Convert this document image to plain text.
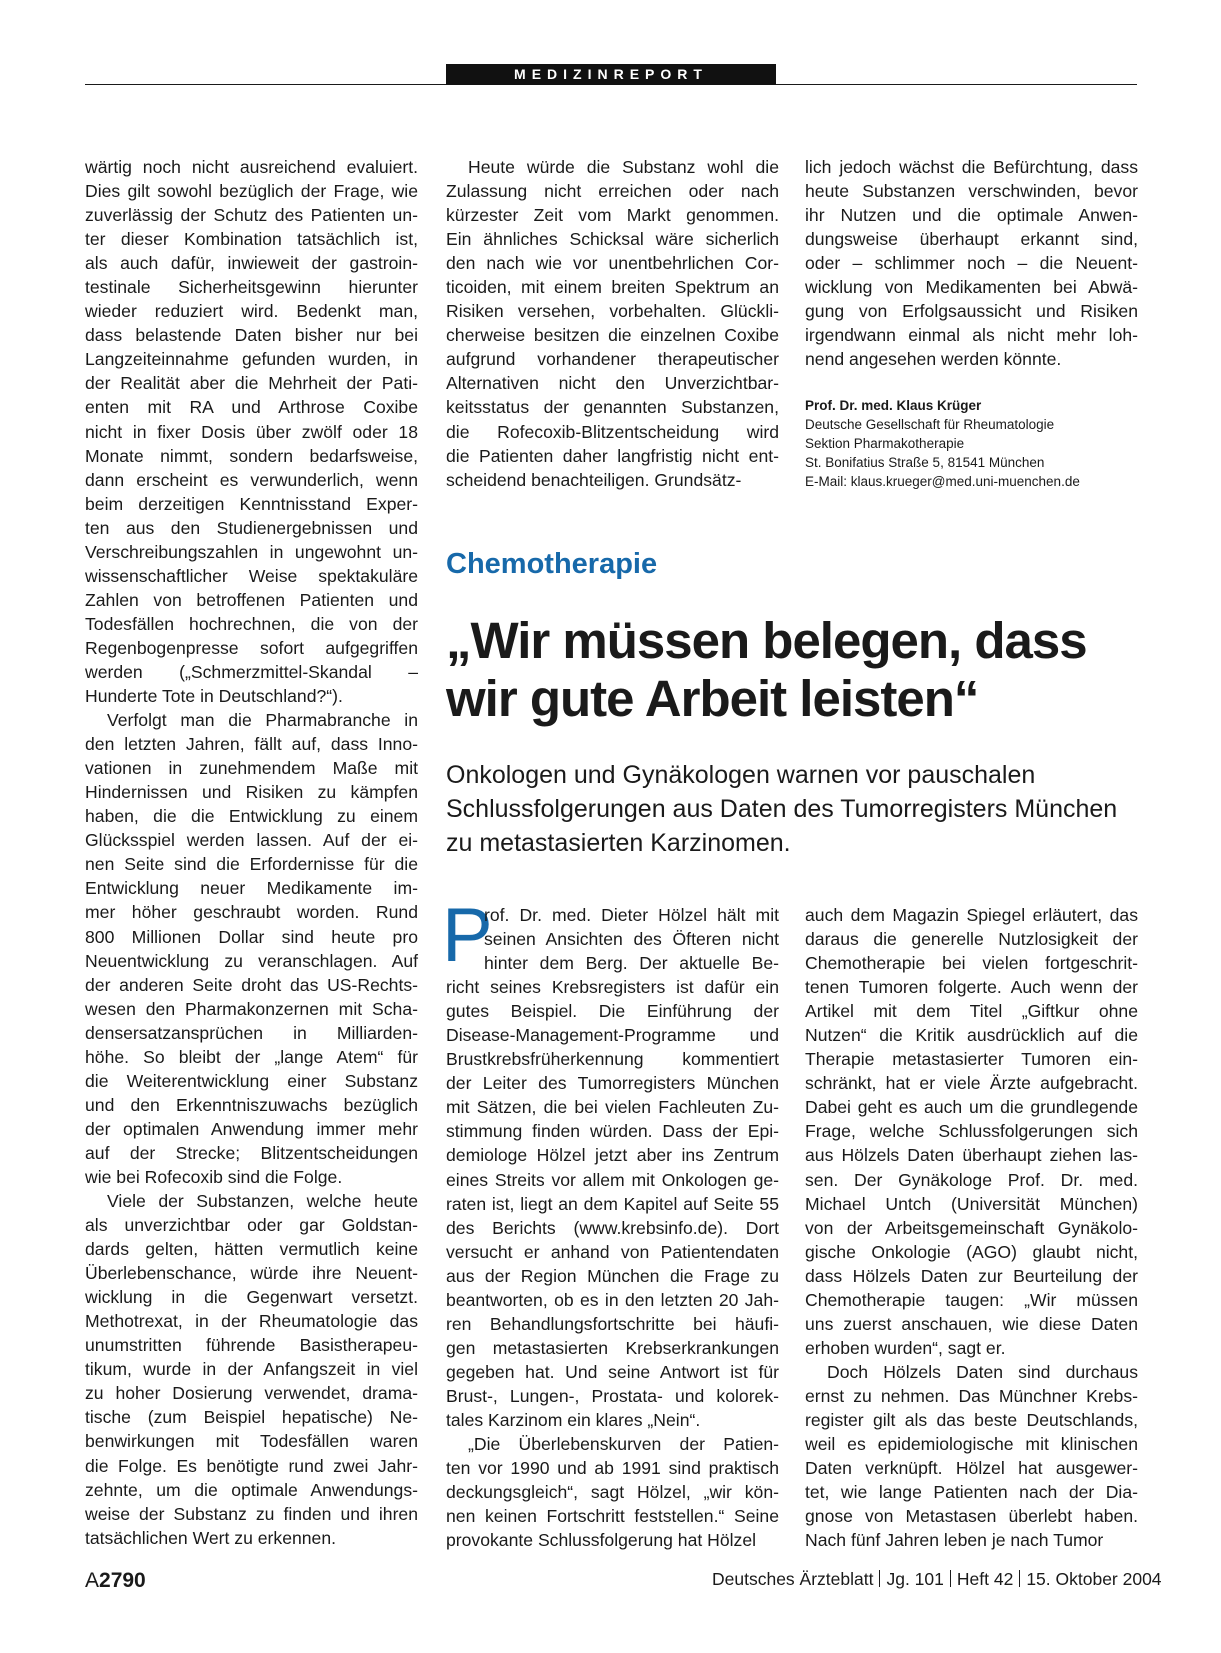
MEDIZINREPORT
wärtig noch nicht ausreichend evaluiert.
Dies gilt sowohl bezüglich der Frage, wie
zuverlässig der Schutz des Patienten un-
ter dieser Kombination tatsächlich ist,
als auch dafür, inwieweit der gastroin-
testinale Sicherheitsgewinn hierunter
wieder reduziert wird. Bedenkt man,
dass belastende Daten bisher nur bei
Langzeiteinnahme gefunden wurden, in
der Realität aber die Mehrheit der Pati-
enten mit RA und Arthrose Coxibe
nicht in fixer Dosis über zwölf oder 18
Monate nimmt, sondern bedarfsweise,
dann erscheint es verwunderlich, wenn
beim derzeitigen Kenntnisstand Exper-
ten aus den Studienergebnissen und
Verschreibungszahlen in ungewohnt un-
wissenschaftlicher Weise spektakuläre
Zahlen von betroffenen Patienten und
Todesfällen hochrechnen, die von der
Regenbogenpresse sofort aufgegriffen
werden („Schmerzmittel-Skandal –
Hunderte Tote in Deutschland?“).
Verfolgt man die Pharmabranche in
den letzten Jahren, fällt auf, dass Inno-
vationen in zunehmendem Maße mit
Hindernissen und Risiken zu kämpfen
haben, die die Entwicklung zu einem
Glücksspiel werden lassen. Auf der ei-
nen Seite sind die Erfordernisse für die
Entwicklung neuer Medikamente im-
mer höher geschraubt worden. Rund
800 Millionen Dollar sind heute pro
Neuentwicklung zu veranschlagen. Auf
der anderen Seite droht das US-Rechts-
wesen den Pharmakonzernen mit Scha-
densersatzansprüchen in Milliarden-
höhe. So bleibt der „lange Atem“ für
die Weiterentwicklung einer Substanz
und den Erkenntniszuwachs bezüglich
der optimalen Anwendung immer mehr
auf der Strecke; Blitzentscheidungen
wie bei Rofecoxib sind die Folge.
Viele der Substanzen, welche heute
als unverzichtbar oder gar Goldstan-
dards gelten, hätten vermutlich keine
Überlebenschance, würde ihre Neuent-
wicklung in die Gegenwart versetzt.
Methotrexat, in der Rheumatologie das
unumstritten führende Basistherapeu-
tikum, wurde in der Anfangszeit in viel
zu hoher Dosierung verwendet, drama-
tische (zum Beispiel hepatische) Ne-
benwirkungen mit Todesfällen waren
die Folge. Es benötigte rund zwei Jahr-
zehnte, um die optimale Anwendungs-
weise der Substanz zu finden und ihren
tatsächlichen Wert zu erkennen.
Heute würde die Substanz wohl die
Zulassung nicht erreichen oder nach
kürzester Zeit vom Markt genommen.
Ein ähnliches Schicksal wäre sicherlich
den nach wie vor unentbehrlichen Cor-
ticoiden, mit einem breiten Spektrum an
Risiken versehen, vorbehalten. Glückli-
cherweise besitzen die einzelnen Coxibe
aufgrund vorhandener therapeutischer
Alternativen nicht den Unverzichtbar-
keitsstatus der genannten Substanzen,
die Rofecoxib-Blitzentscheidung wird
die Patienten daher langfristig nicht ent-
scheidend benachteiligen. Grundsätz-
lich jedoch wächst die Befürchtung, dass
heute Substanzen verschwinden, bevor
ihr Nutzen und die optimale Anwen-
dungsweise überhaupt erkannt sind,
oder – schlimmer noch – die Neuent-
wicklung von Medikamenten bei Abwä-
gung von Erfolgsaussicht und Risiken
irgendwann einmal als nicht mehr loh-
nend angesehen werden könnte.
Prof. Dr. med. Klaus Krüger
Deutsche Gesellschaft für Rheumatologie
Sektion Pharmakotherapie
St. Bonifatius Straße 5, 81541 München
E-Mail: klaus.krueger@med.uni-muenchen.de
Chemotherapie
„Wir müssen belegen, dass
wir gute Arbeit leisten“
Onkologen und Gynäkologen warnen vor pauschalen
Schlussfolgerungen aus Daten des Tumorregisters München
zu metastasierten Karzinomen.
P
rof. Dr. med. Dieter Hölzel hält mit
seinen Ansichten des Öfteren nicht
hinter dem Berg. Der aktuelle Be-
richt seines Krebsregisters ist dafür ein
gutes Beispiel. Die Einführung der
Disease-Management-Programme und
Brustkrebsfrüherkennung kommentiert
der Leiter des Tumorregisters München
mit Sätzen, die bei vielen Fachleuten Zu-
stimmung finden würden. Dass der Epi-
demiologe Hölzel jetzt aber ins Zentrum
eines Streits vor allem mit Onkologen ge-
raten ist, liegt an dem Kapitel auf Seite 55
des Berichts (www.krebsinfo.de). Dort
versucht er anhand von Patientendaten
aus der Region München die Frage zu
beantworten, ob es in den letzten 20 Jah-
ren Behandlungsfortschritte bei häufi-
gen metastasierten Krebserkrankungen
gegeben hat. Und seine Antwort ist für
Brust-, Lungen-, Prostata- und kolorek-
tales Karzinom ein klares „Nein“.
„Die Überlebenskurven der Patien-
ten vor 1990 und ab 1991 sind praktisch
deckungsgleich“, sagt Hölzel, „wir kön-
nen keinen Fortschritt feststellen.“ Seine
provokante Schlussfolgerung hat Hölzel
auch dem Magazin Spiegel erläutert, das
daraus die generelle Nutzlosigkeit der
Chemotherapie bei vielen fortgeschrit-
tenen Tumoren folgerte. Auch wenn der
Artikel mit dem Titel „Giftkur ohne
Nutzen“ die Kritik ausdrücklich auf die
Therapie metastasierter Tumoren ein-
schränkt, hat er viele Ärzte aufgebracht.
Dabei geht es auch um die grundlegende
Frage, welche Schlussfolgerungen sich
aus Hölzels Daten überhaupt ziehen las-
sen. Der Gynäkologe Prof. Dr. med.
Michael Untch (Universität München)
von der Arbeitsgemeinschaft Gynäkolo-
gische Onkologie (AGO) glaubt nicht,
dass Hölzels Daten zur Beurteilung der
Chemotherapie taugen: „Wir müssen
uns zuerst anschauen, wie diese Daten
erhoben wurden“, sagt er.
Doch Hölzels Daten sind durchaus
ernst zu nehmen. Das Münchner Krebs-
register gilt als das beste Deutschlands,
weil es epidemiologische mit klinischen
Daten verknüpft. Hölzel hat ausgewer-
tet, wie lange Patienten nach der Dia-
gnose von Metastasen überlebt haben.
Nach fünf Jahren leben je nach Tumor
A2790	Deutsches Ärzteblatt Jg. 101 Heft 42 15. Oktober 2004
